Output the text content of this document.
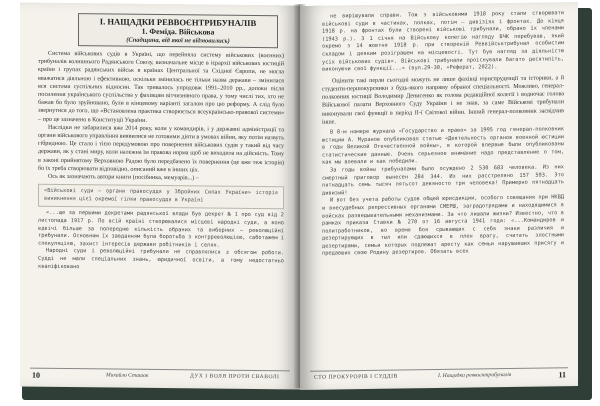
І. НАЩАДКИ РЕВВОЄНТРИБУНАЛІВ
1. Феміда. Військова
(Спадщина, від якої не відмовились)

Система військових судів в Україні, що перейняла систему військових (воєнних) трибуналів колишнього Радянського Союзу, визначальне місце в ієрархії військових юстицій країни і групах радянських військ в країнах Центральної та Східної Європи, не могла вважатися діяльною і ефективною, оскільки змінилась не тільки назва держави – змінилася вся система суспільних відносин. Так тривалось упродовж 1991–2010 рр., допоки після посилення українського суспільства у фахівцям вітчизняного права, у тому числі тих, хто не бажав бо було зруйновано, були в кінцевому варіанті загалом про цю реформу. А слід було звернутися до того, що «Встановлена практика створюється всеукраїнсько-правової системи» – про це зазначено в Конституції України.

Наслідки не забарилися вже 2014 року, коли у командирів, і у державні адміністрації та органи військового управління виявилися не готовими діяти в умовах війни, яку потім назвуть гібридною. Це стало і тією передумовою про повернення військових судів у такий від часу держави, як у стані миру, коли належна їм правова норма щоб не виходила на дійсність. Тому в законі прийнятому Верховною Радою було передбачено їх повернення (це вже теж історія) бо їх треба створювати відповідно, описаний вже в інших ціх.

Ось як зазначають автори книги (посібника, мемуарів...) –

«Військові суди – органи правосуддя у Збройних Силах України» історія виникнення цієї окремої гілки правосуддя в Україні

«...ще за першими декретами радянської влади був декрет № 1 про суд від 2 листопада 1917 р. По всій країні створювалися місцеві народні суди, а воно вдвічі більше за попередню кількість обраних та виборних – революційні трибунали. Основним їх завданням була боротьба з контрреволюцією, саботажем і спекуляцією, захист інтересів держави робітників і селян.

Народні суди і революційні трибунали не справлялися з обсягом роботи. Судді не мали спеціальних знань, юридичної освіти, а тому недостатньо кваліфіковано

10	Михайло Сташок	ДУХ І ВОЛЯ ПРОТИ СВАВОЛІ

не вирішували справи. Тож з військовими 1918 року стали створювати військові суди в частинах, полках, потім – дивізіях і фронтах. До кінця 1918 р. на фронтах були створені військові трибунали, обрано їх членами (1943 р.). З 1 січня на Військову колегію нагляду ВЧК перебував, який окремо з 14 жовтня 1918 р. при створеній Реввійськтрибунал особистим складом і деяким розіграшем на місцевості. Тут був нагляд за діяльністю усіх військових судів». Військові трибунали проіснували багато десятиліть, виконуючи свої функції...» (вул.29-30, «Реферат, 2022).

Оцінити такі перли сьогодні можуть не лише фахівці юриспруденції та історики, а й студенти-першокурсники з будь-якого напряму обраної спеціальності. Можливо, генерал-полковник юстиції Володимир Денисенко як голова редакційної колегії і водночас голова Військової палати Верховного Суду України і не знав, за саме Військові трибунали виконували свої функції в період ІІ-ї Світової війни. Інший генерал-полковник засвідчив інше.

В 8-м номере журнала «Государство и право» за 1995 год генерал-полковник юстиции А. Муранов опубликовал статью «Деятельность органов военной юстиции в годы Великой Отечественной войны», в которой впервые были опубликованы статистические данные. Очень серьезное внимание надо представление о том, как мы воевали и как победили.

За годы войны трибуналами было осуждено 2 530 683 человека. Из них смертный приговор вынесен 284 344. Из них расстреляно 157 593. Это пятнадцать семь тысяч пятьсот девяносто три человека! Примерно пятнадцать дивизий!

И вот без учета работы судов общей юрисдикции, особого совещания при НКВД и внесудебных репрессивных органами СМЕРШ, заградотрядами и находящимися в войсках разведывательными механизмами. За что лишали жизни? Известно, что в рамках приказа Ставки № 270 от 16 августа 1941 года: «...Командиров и политработников, во время боя срывающих с себя знаки различия и дезертирующих в тыл или сдающихся в плен врагу, считать злостными дезертирами, семьи которых подлежат аресту как семьи нарушивших присягу и предавших свою Родину дезертиров. Обязать всех

СТО ПРОКУРОРІВ І СУДДІВ	І. Нащадки реввоєнтрибуналів	11
